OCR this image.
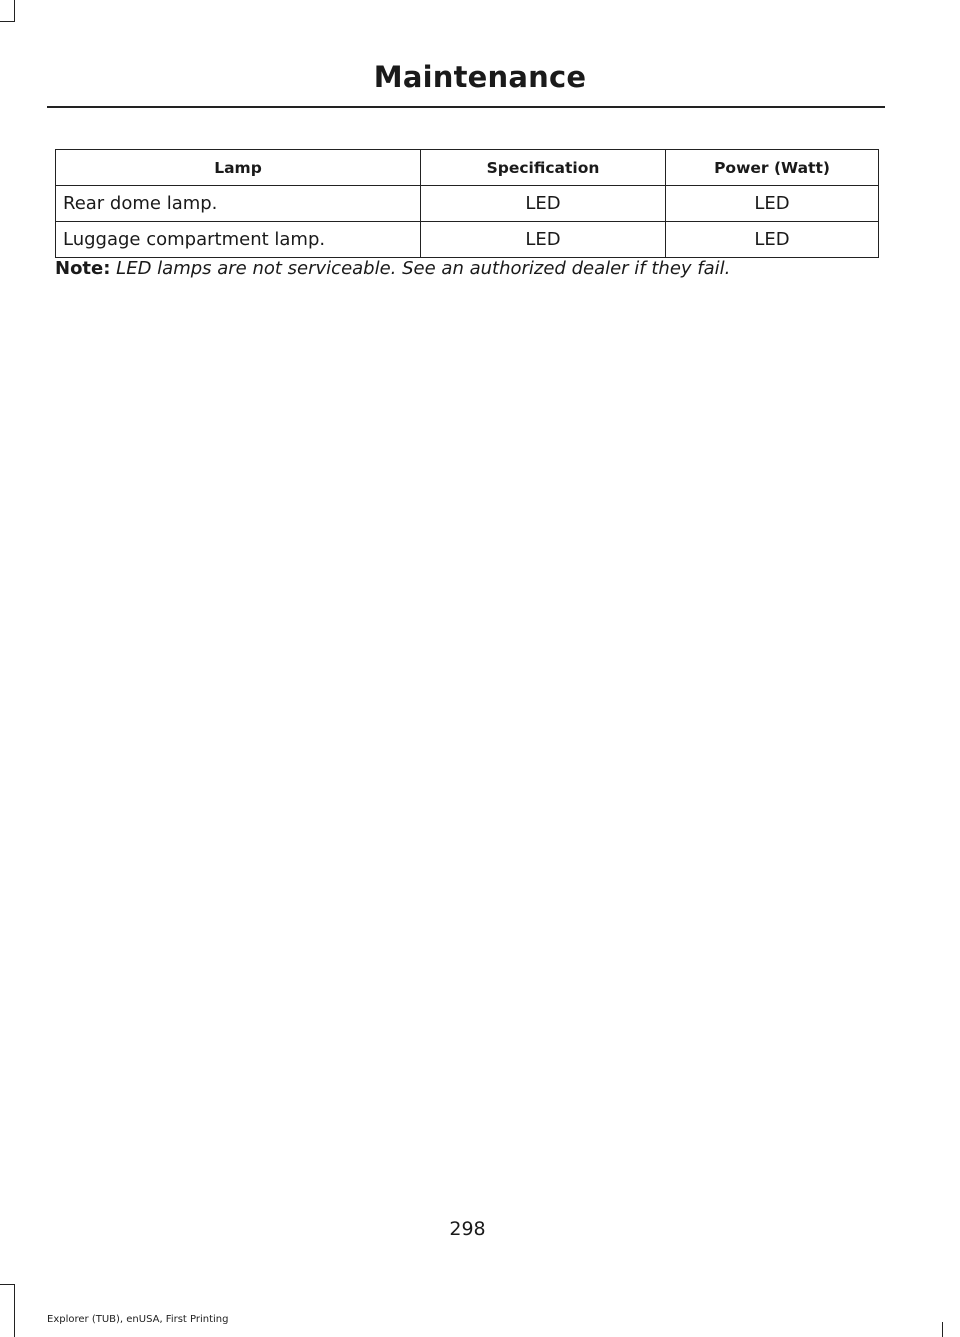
Maintenance
Lamp	Specification	Power (Watt)
Rear dome lamp.	LED	LED
Luggage compartment lamp.	LED	LED
Note: LED lamps are not serviceable. See an authorized dealer if they fail.
298
Explorer (TUB), enUSA, First Printing
